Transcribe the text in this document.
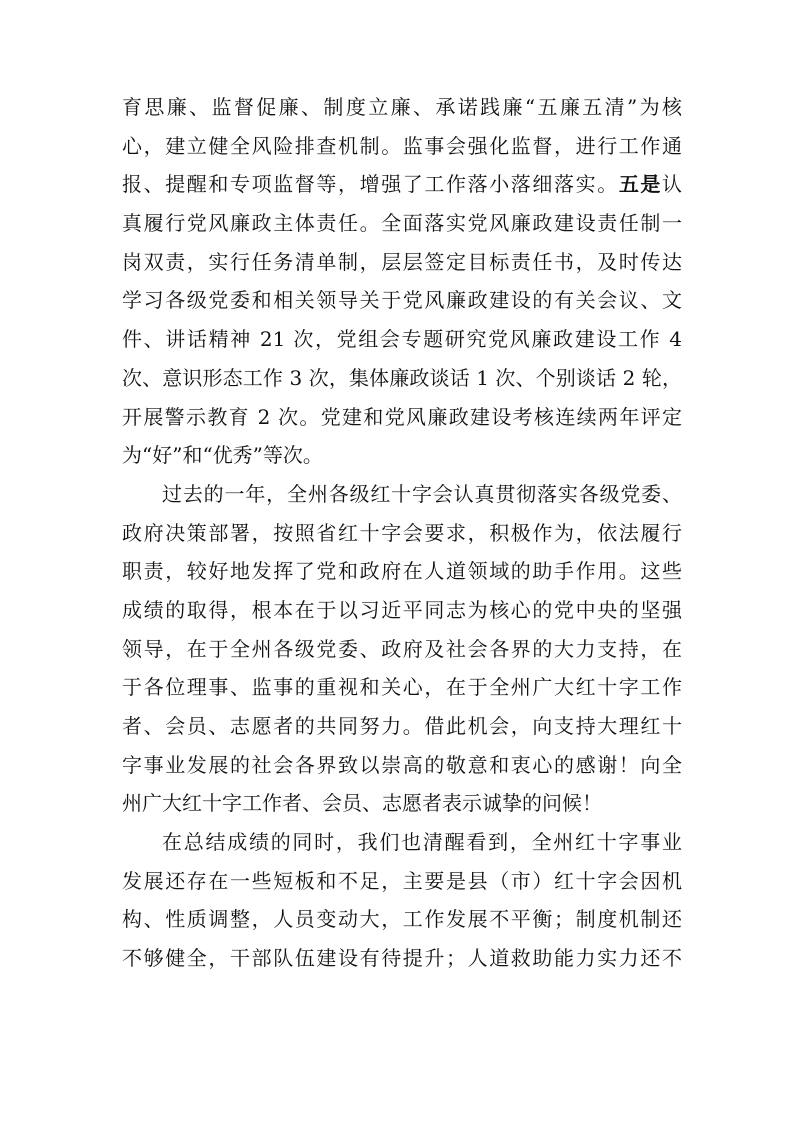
育思廉、监督促廉、制度立廉、承诺践廉“五廉五清”为核
心，建立健全风险排查机制。监事会强化监督，进行工作通
报、提醒和专项监督等，增强了工作落小落细落实。五是认
真履行党风廉政主体责任。全面落实党风廉政建设责任制一
岗双责，实行任务清单制，层层签定目标责任书，及时传达
学习各级党委和相关领导关于党风廉政建设的有关会议、文
件、讲话精神 21 次，党组会专题研究党风廉政建设工作 4
次、意识形态工作 3 次，集体廉政谈话 1 次、个别谈话 2 轮，
开展警示教育 2 次。党建和党风廉政建设考核连续两年评定
为“好”和“优秀”等次。
过去的一年，全州各级红十字会认真贯彻落实各级党委、
政府决策部署，按照省红十字会要求，积极作为，依法履行
职责，较好地发挥了党和政府在人道领域的助手作用。这些
成绩的取得，根本在于以习近平同志为核心的党中央的坚强
领导，在于全州各级党委、政府及社会各界的大力支持，在
于各位理事、监事的重视和关心，在于全州广大红十字工作
者、会员、志愿者的共同努力。借此机会，向支持大理红十
字事业发展的社会各界致以崇高的敬意和衷心的感谢！向全
州广大红十字工作者、会员、志愿者表示诚挚的问候！
在总结成绩的同时，我们也清醒看到，全州红十字事业
发展还存在一些短板和不足，主要是县（市）红十字会因机
构、性质调整，人员变动大，工作发展不平衡；制度机制还
不够健全，干部队伍建设有待提升；人道救助能力实力还不
